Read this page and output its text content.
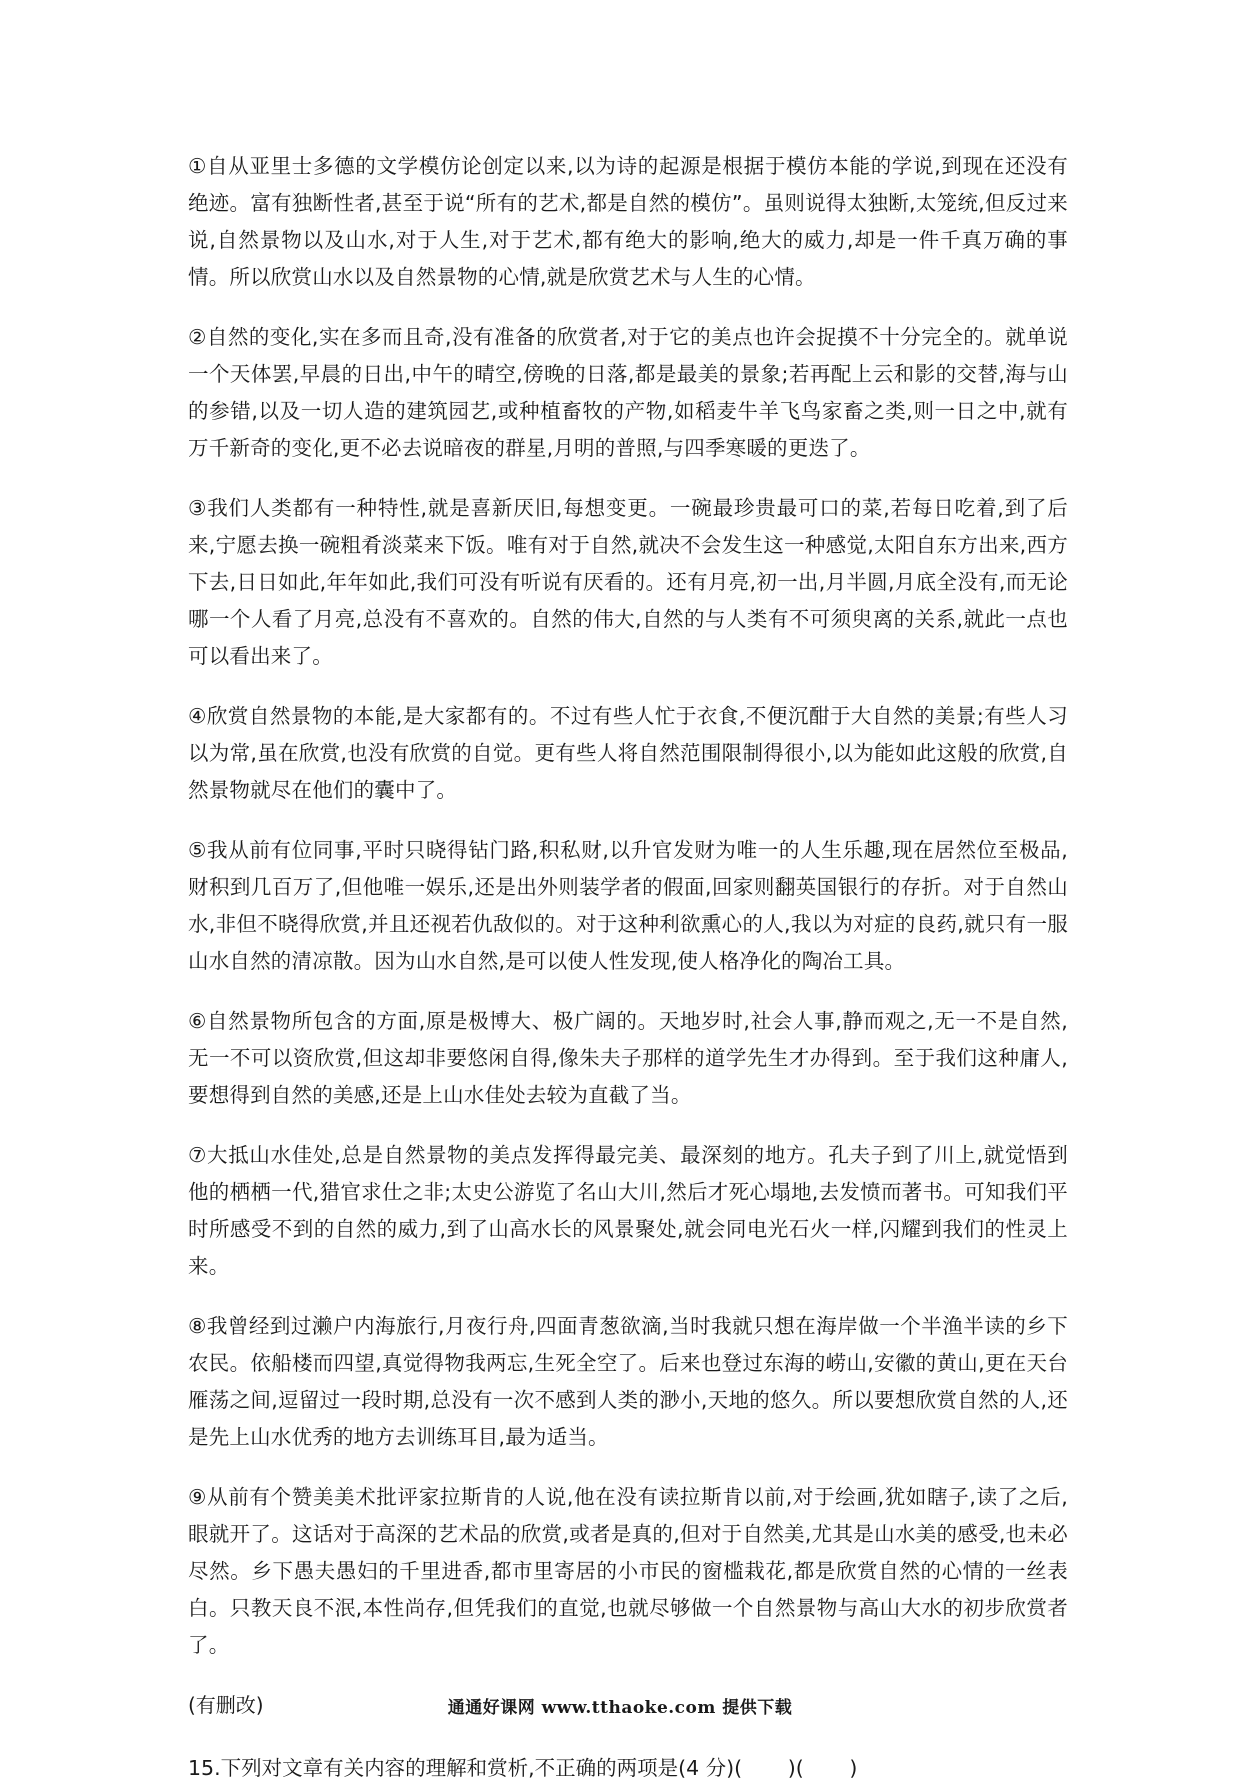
①自从亚里士多德的文学模仿论创定以来,以为诗的起源是根据于模仿本能的学说,到现在还没有绝迹。富有独断性者,甚至于说“所有的艺术,都是自然的模仿”。虽则说得太独断,太笼统,但反过来说,自然景物以及山水,对于人生,对于艺术,都有绝大的影响,绝大的威力,却是一件千真万确的事情。所以欣赏山水以及自然景物的心情,就是欣赏艺术与人生的心情。

②自然的变化,实在多而且奇,没有准备的欣赏者,对于它的美点也许会捉摸不十分完全的。就单说一个天体罢,早晨的日出,中午的晴空,傍晚的日落,都是最美的景象;若再配上云和影的交替,海与山的参错,以及一切人造的建筑园艺,或种植畜牧的产物,如稻麦牛羊飞鸟家畜之类,则一日之中,就有万千新奇的变化,更不必去说暗夜的群星,月明的普照,与四季寒暖的更迭了。

③我们人类都有一种特性,就是喜新厌旧,每想变更。一碗最珍贵最可口的菜,若每日吃着,到了后来,宁愿去换一碗粗肴淡菜来下饭。唯有对于自然,就决不会发生这一种感觉,太阳自东方出来,西方下去,日日如此,年年如此,我们可没有听说有厌看的。还有月亮,初一出,月半圆,月底全没有,而无论哪一个人看了月亮,总没有不喜欢的。自然的伟大,自然的与人类有不可须臾离的关系,就此一点也可以看出来了。

④欣赏自然景物的本能,是大家都有的。不过有些人忙于衣食,不便沉酣于大自然的美景;有些人习以为常,虽在欣赏,也没有欣赏的自觉。更有些人将自然范围限制得很小,以为能如此这般的欣赏,自然景物就尽在他们的囊中了。

⑤我从前有位同事,平时只晓得钻门路,积私财,以升官发财为唯一的人生乐趣,现在居然位至极品,财积到几百万了,但他唯一娱乐,还是出外则装学者的假面,回家则翻英国银行的存折。对于自然山水,非但不晓得欣赏,并且还视若仇敌似的。对于这种利欲熏心的人,我以为对症的良药,就只有一服山水自然的清凉散。因为山水自然,是可以使人性发现,使人格净化的陶冶工具。

⑥自然景物所包含的方面,原是极博大、极广阔的。天地岁时,社会人事,静而观之,无一不是自然,无一不可以资欣赏,但这却非要悠闲自得,像朱夫子那样的道学先生才办得到。至于我们这种庸人,要想得到自然的美感,还是上山水佳处去较为直截了当。

⑦大抵山水佳处,总是自然景物的美点发挥得最完美、最深刻的地方。孔夫子到了川上,就觉悟到他的栖栖一代,猎官求仕之非;太史公游览了名山大川,然后才死心塌地,去发愤而著书。可知我们平时所感受不到的自然的威力,到了山高水长的风景聚处,就会同电光石火一样,闪耀到我们的性灵上来。

⑧我曾经到过濑户内海旅行,月夜行舟,四面青葱欲滴,当时我就只想在海岸做一个半渔半读的乡下农民。依船楼而四望,真觉得物我两忘,生死全空了。后来也登过东海的崂山,安徽的黄山,更在天台雁荡之间,逗留过一段时期,总没有一次不感到人类的渺小,天地的悠久。所以要想欣赏自然的人,还是先上山水优秀的地方去训练耳目,最为适当。

⑨从前有个赞美美术批评家拉斯肯的人说,他在没有读拉斯肯以前,对于绘画,犹如瞎子,读了之后,眼就开了。这话对于高深的艺术品的欣赏,或者是真的,但对于自然美,尤其是山水美的感受,也未必尽然。乡下愚夫愚妇的千里进香,都市里寄居的小市民的窗槛栽花,都是欣赏自然的心情的一丝表白。只教天良不泯,本性尚存,但凭我们的直觉,也就尽够做一个自然景物与高山大水的初步欣赏者了。

(有删改)

15.下列对文章有关内容的理解和赏析,不正确的两项是(4 分)(       )(       )

通通好课网 www.tthaoke.com 提供下载
